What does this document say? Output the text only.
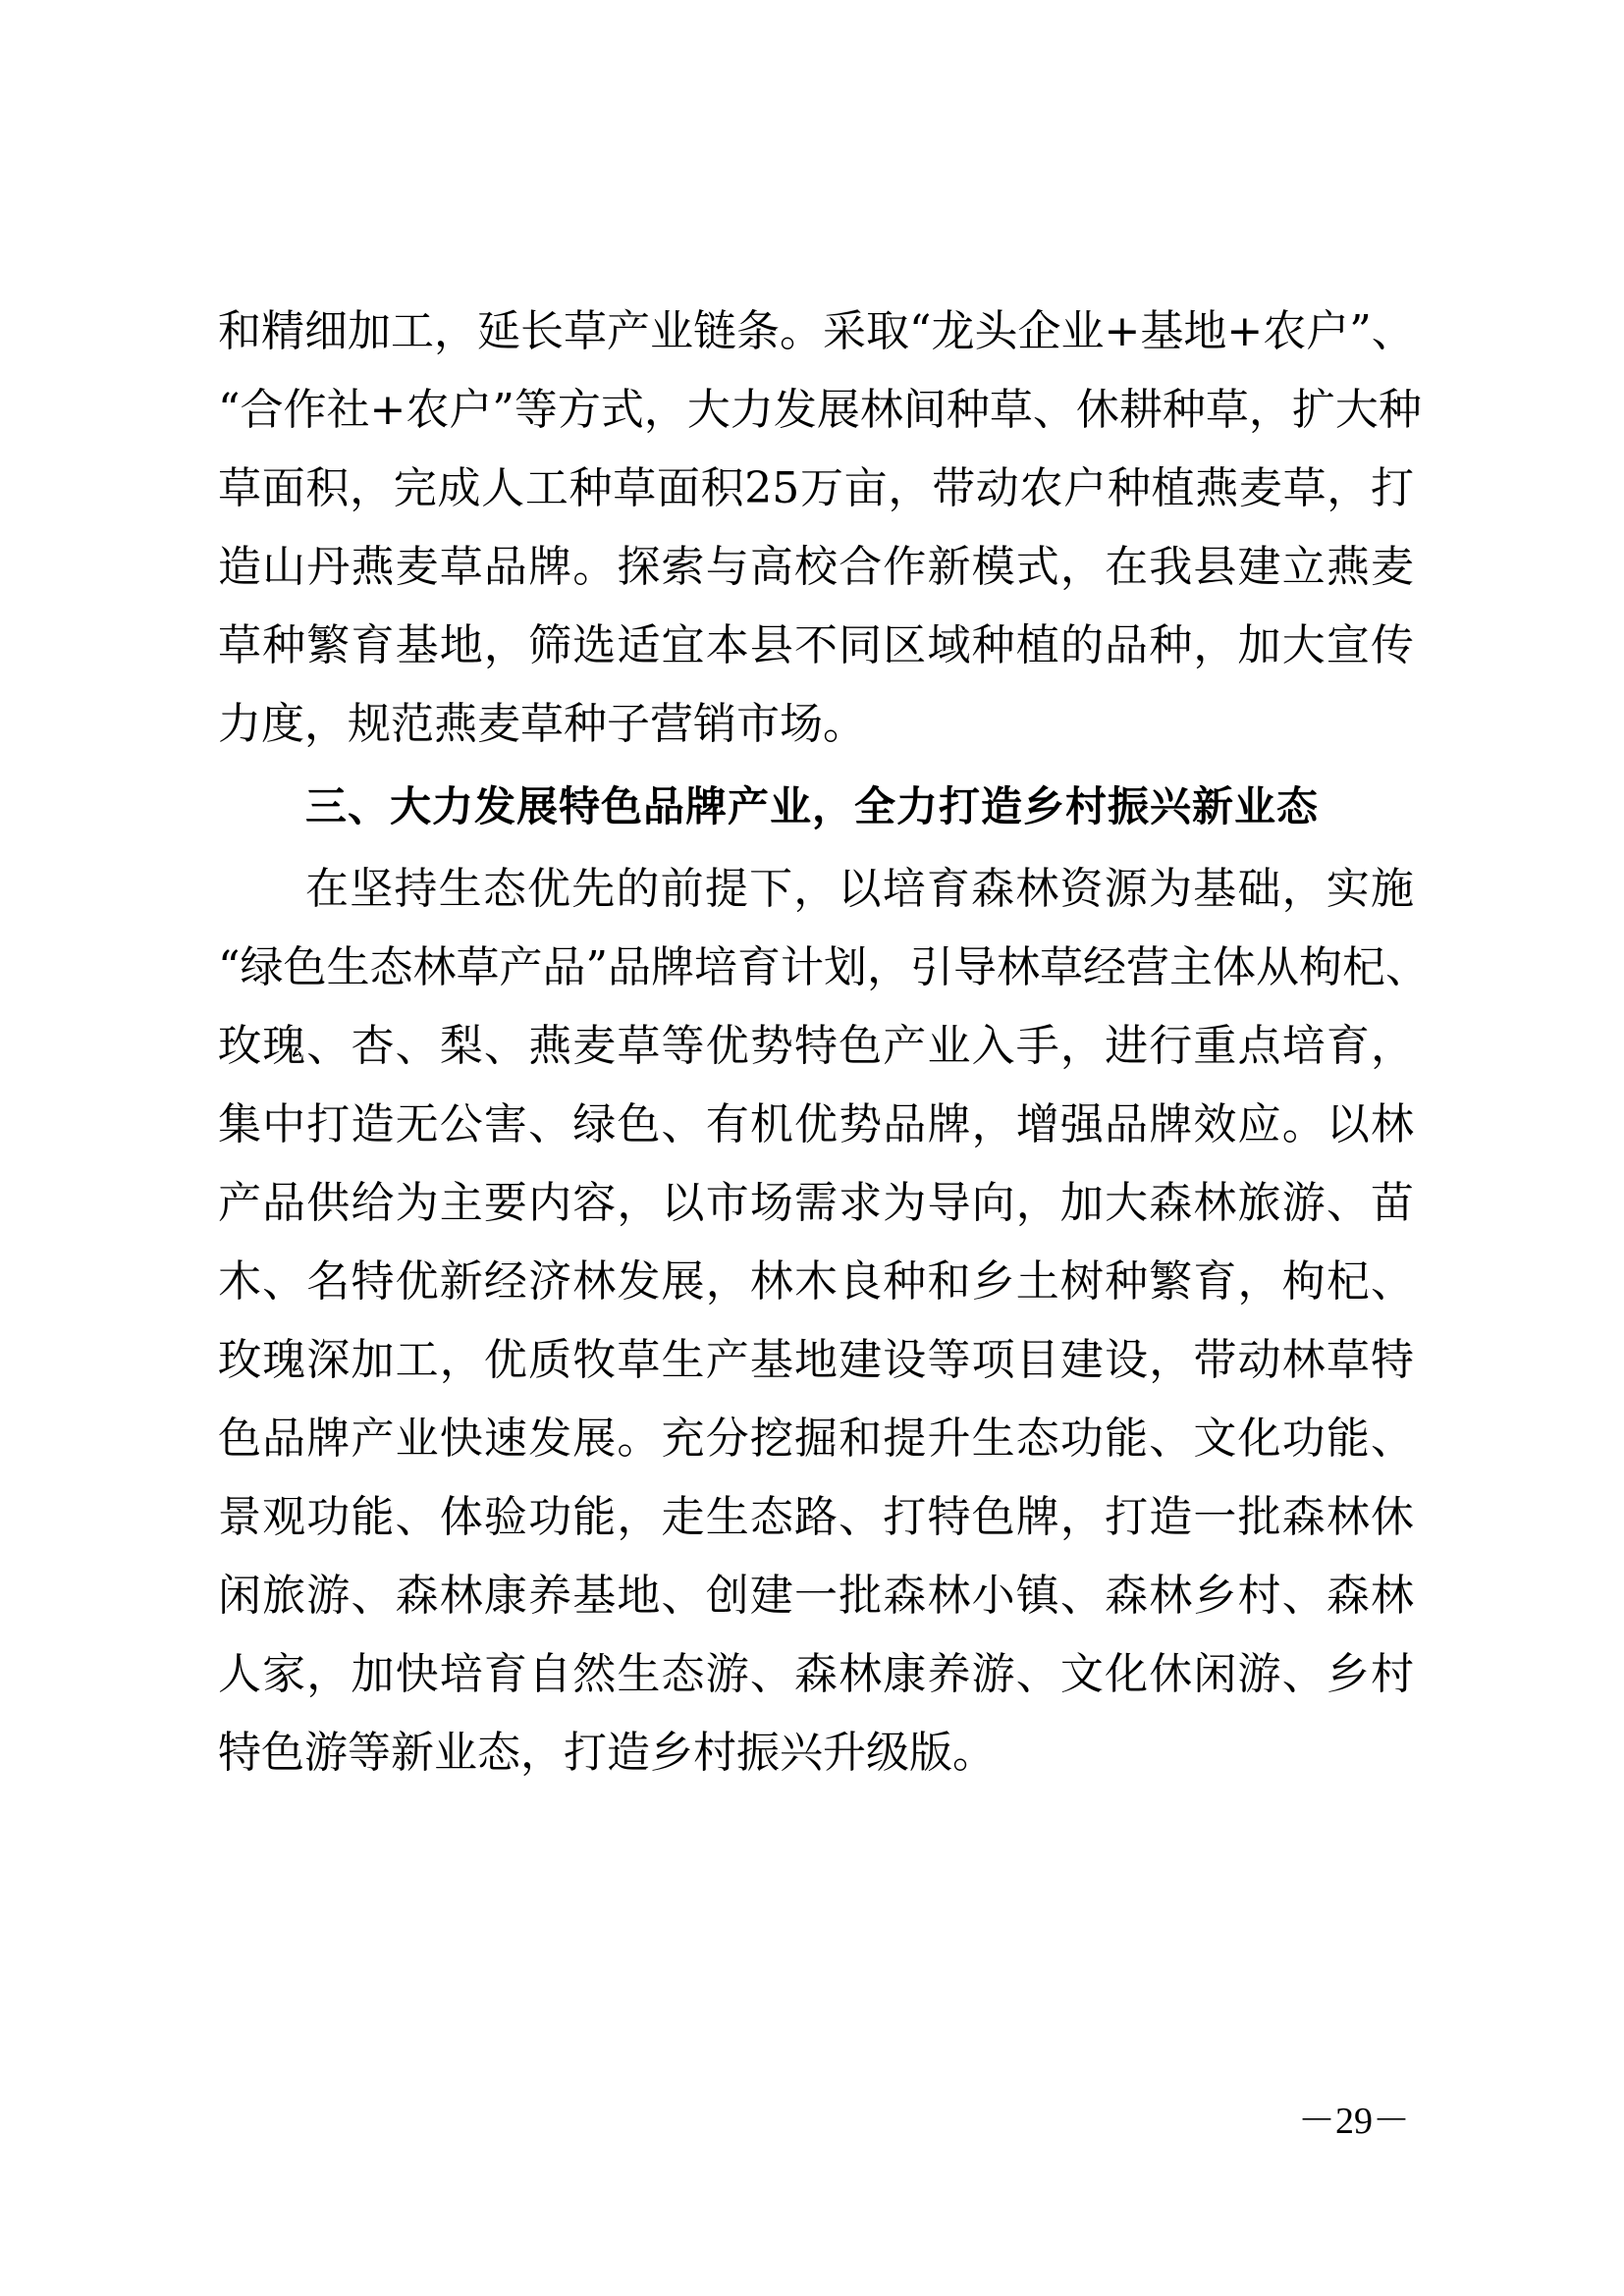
和精细加工，延长草产业链条。采取“龙头企业+基地+农户”、
“合作社+农户”等方式，大力发展林间种草、休耕种草，扩大种
草面积，完成人工种草面积25万亩，带动农户种植燕麦草，打
造山丹燕麦草品牌。探索与高校合作新模式，在我县建立燕麦
草种繁育基地，筛选适宜本县不同区域种植的品种，加大宣传
力度，规范燕麦草种子营销市场。
三、大力发展特色品牌产业，全力打造乡村振兴新业态
在坚持生态优先的前提下，以培育森林资源为基础，实施
“绿色生态林草产品”品牌培育计划，引导林草经营主体从枸杞、
玫瑰、杏、梨、燕麦草等优势特色产业入手，进行重点培育，
集中打造无公害、绿色、有机优势品牌，增强品牌效应。以林
产品供给为主要内容，以市场需求为导向，加大森林旅游、苗
木、名特优新经济林发展，林木良种和乡土树种繁育，枸杞、
玫瑰深加工，优质牧草生产基地建设等项目建设，带动林草特
色品牌产业快速发展。充分挖掘和提升生态功能、文化功能、
景观功能、体验功能，走生态路、打特色牌，打造一批森林休
闲旅游、森林康养基地、创建一批森林小镇、森林乡村、森林
人家，加快培育自然生态游、森林康养游、文化休闲游、乡村
特色游等新业态，打造乡村振兴升级版。
－29－
